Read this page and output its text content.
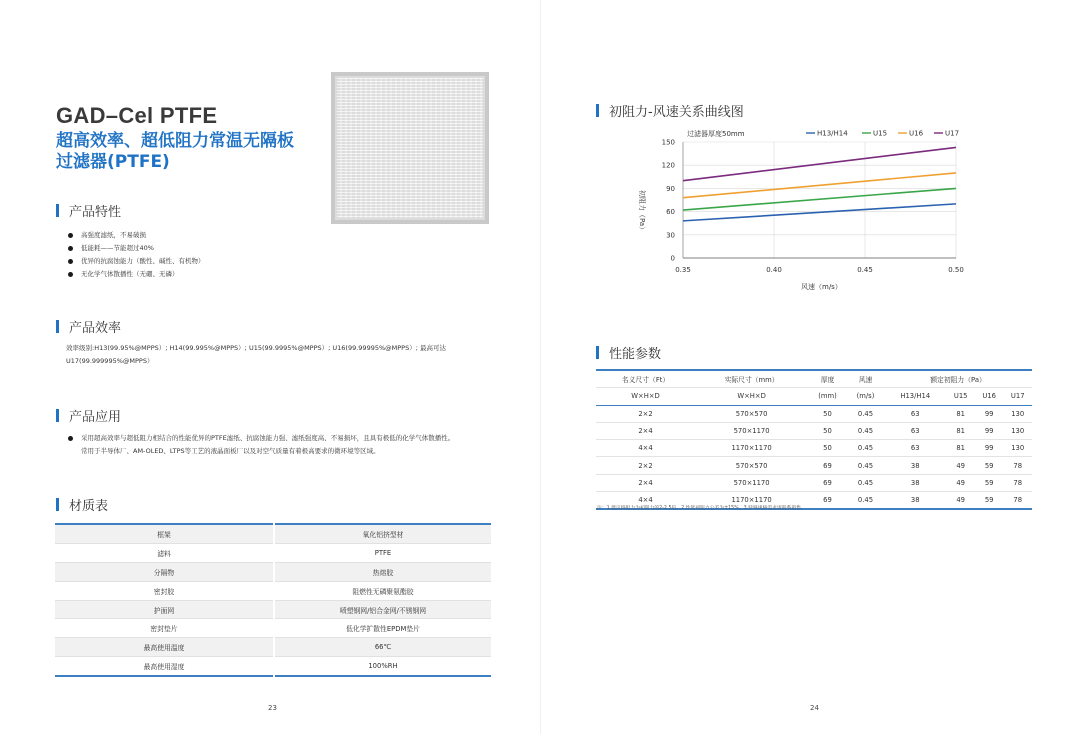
GAD–Cel PTFE
超高效率、超低阻力常温无隔板
过滤器(PTFE)
产品特性
高强度滤纸，不易破损
低能耗——节能超过40%
优异的抗腐蚀能力（酸性、碱性、有机物）
无化学气体散播性（无硼、无磷）
产品效率
效率级别:H13(99.95%@MPPS）; H14(99.995%@MPPS）; U15(99.9995%@MPPS）; U16(99.99995%@MPPS）; 最高可达
U17(99.999995%@MPPS）
产品应用
采用超高效率与超低阻力相结合的性能优异的PTFE滤纸、抗腐蚀能力强、滤纸强度高、不易损坏，且具有极低的化学气体散播性。
常用于半导体厂、AM-OLED、LTPS等工艺的液晶面板厂以及对空气质量有着极高要求的微环境等区域。
材质表
框架	氧化铝挤型材
滤料	PTFE
分隔物	热熔胶
密封胶	阻燃性无磷聚氨酯胶
护面网	喷塑钢网/铝合金网/不锈钢网
密封垫片	低化学扩散性EPDM垫片
最高使用温度	66℃
最高使用湿度	100%RH
23
初阻力-风速关系曲线图
过滤器厚度50mm	H13/H14	U15	U16	U17
150
120
90
60
30
0
0.35	0.40	0.45	0.50
初阻力（Pa）
风速（m/s）
性能参数
名义尺寸（Ft）	实际尺寸（mm）	厚度	风速	额定初阻力（Pa）			
W×H×D	W×H×D	(mm)	(m/s)	H13/H14	U15	U16	U17
2×2	570×570	50	0.45	63	81	99	130
2×4	570×1170	50	0.45	63	81	99	130
4×4	1170×1170	50	0.45	63	81	99	130
2×2	570×570	69	0.45	38	49	59	78
2×4	570×1170	69	0.45	38	49	59	78
4×4	1170×1170	69	0.45	38	49	59	78
注：1.建议终阻力为初阻力的2-2.5倍。2.性能初阻力公差为±15%。3.特殊规格需求请联系销售。
24
